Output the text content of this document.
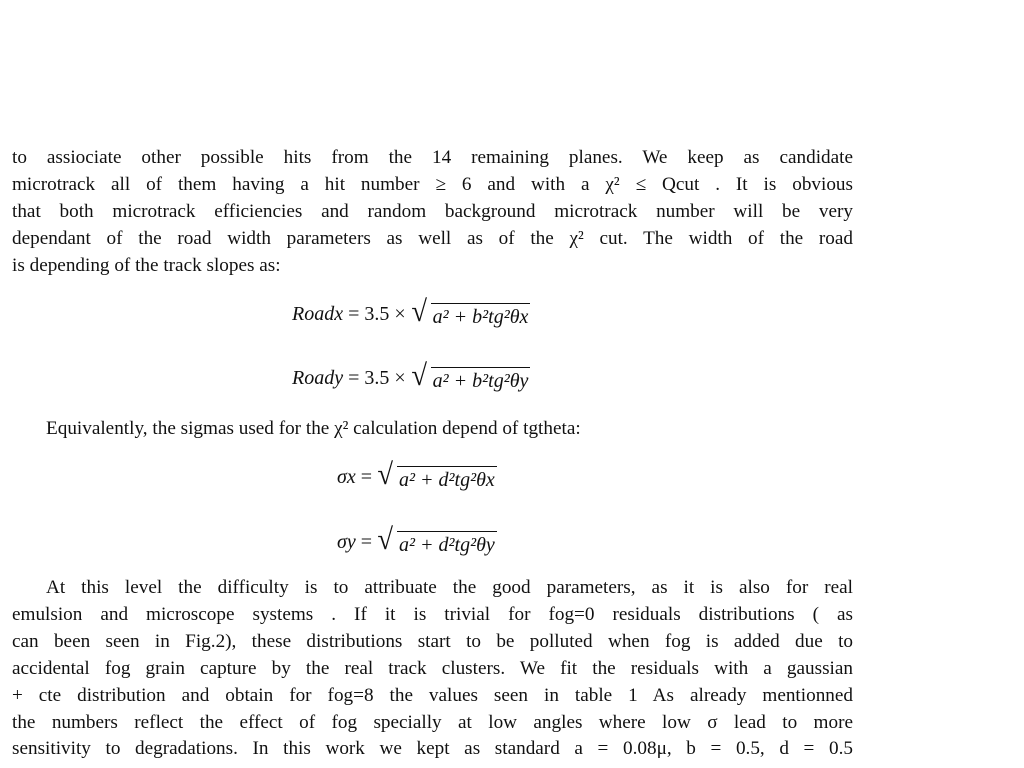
to assiociate other possible hits from the 14 remaining planes. We keep as candidate
microtrack all of them having a hit number ≥ 6 and with a χ² ≤ Qcut . It is obvious
that both microtrack efficiencies and random background microtrack number will be very
dependant of the road width parameters as well as of the χ² cut. The width of the road
is depending of the track slopes as:
Roadx = 3.5 × √ a² + b²tg²θx
Roady = 3.5 × √ a² + b²tg²θy
Equivalently, the sigmas used for the χ² calculation depend of tgtheta:
σx = √ a² + d²tg²θx
σy = √ a² + d²tg²θy
At this level the difficulty is to attribuate the good parameters, as it is also for real
emulsion and microscope systems . If it is trivial for fog=0 residuals distributions ( as
can been seen in Fig.2), these distributions start to be polluted when fog is added due to
accidental fog grain capture by the real track clusters. We fit the residuals with a gaussian
+ cte distribution and obtain for fog=8 the values seen in table 1 As already mentionned
the numbers reflect the effect of fog specially at low angles where low σ lead to more
sensitivity to degradations. In this work we kept as standard a = 0.08μ, b = 0.5, d = 0.5
